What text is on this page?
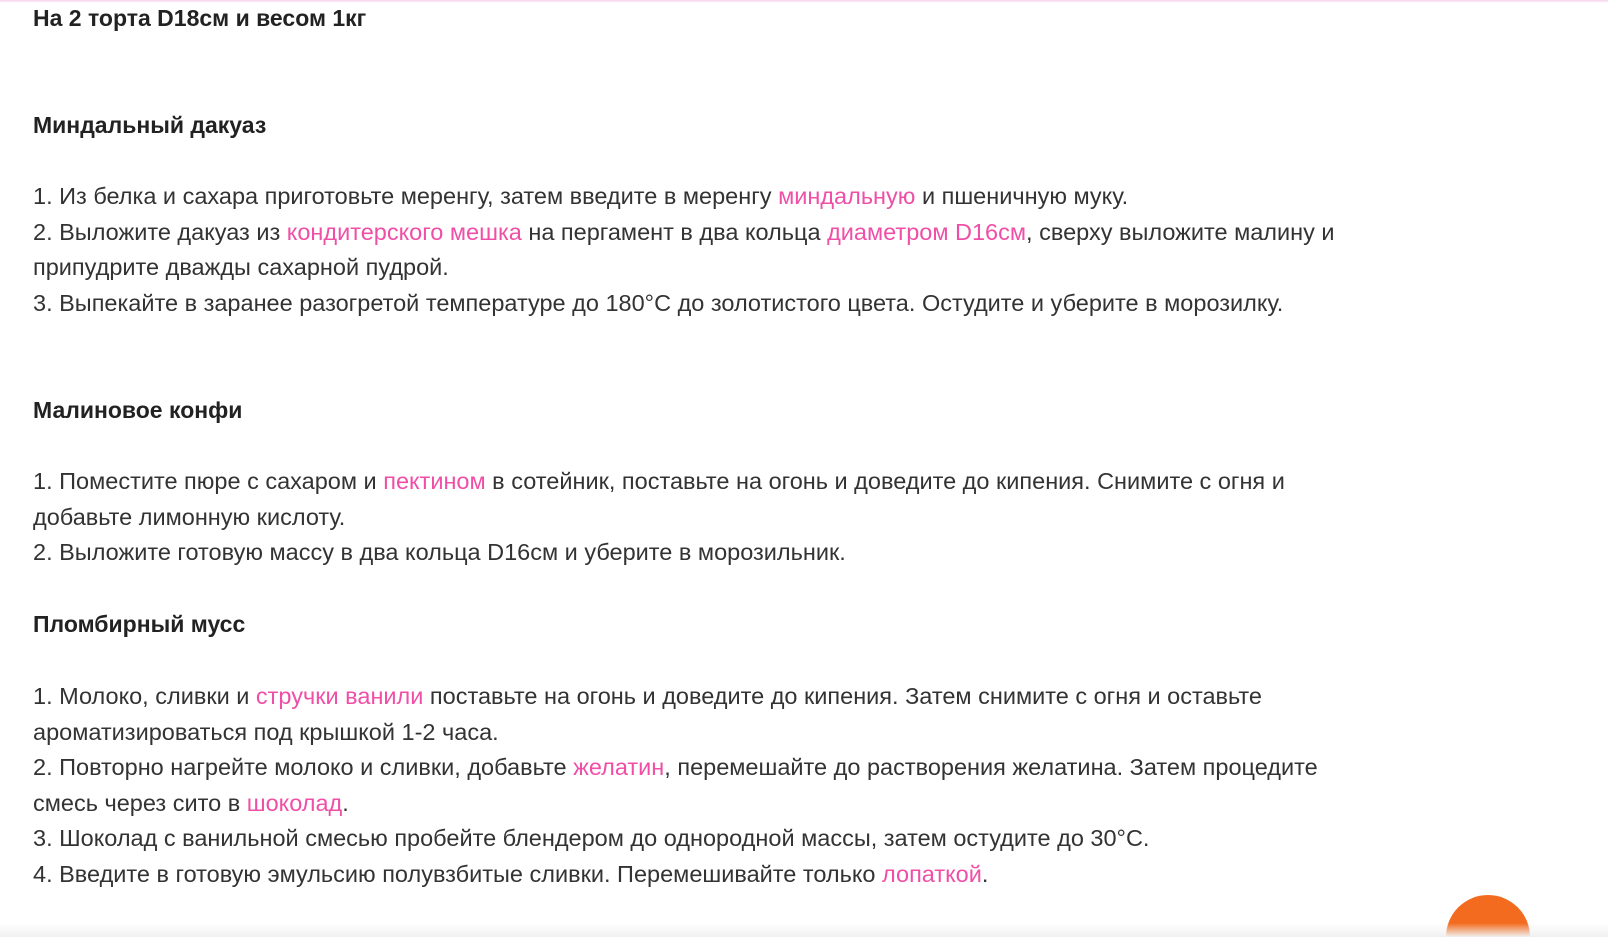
На 2 торта D18см и весом 1кг
Миндальный дакуаз

1. Из белка и сахара приготовьте меренгу, затем введите в меренгу миндальную и пшеничную муку.

2. Выложите дакуаз из кондитерского мешка на пергамент в два кольца диаметром D16см, сверху выложите малину и припудрите дважды сахарной пудрой.

3. Выпекайте в заранее разогретой температуре до 180°С до золотистого цвета. Остудите и уберите в морозилку.

Малиновое конфи

1. Поместите пюре с сахаром и пектином в сотейник, поставьте на огонь и доведите до кипения. Снимите с огня и добавьте лимонную кислоту.

2. Выложите готовую массу в два кольца D16см и уберите в морозильник.

Пломбирный мусс

1. Молоко, сливки и стручки ванили поставьте на огонь и доведите до кипения. Затем снимите с огня и оставьте ароматизироваться под крышкой 1-2 часа.

2. Повторно нагрейте молоко и сливки, добавьте желатин, перемешайте до растворения желатина. Затем процедите смесь через сито в шоколад.

3. Шоколад с ванильной смесью пробейте блендером до однородной массы, затем остудите до 30°С.

4. Введите в готовую эмульсию полувзбитые сливки. Перемешивайте только лопаткой.
